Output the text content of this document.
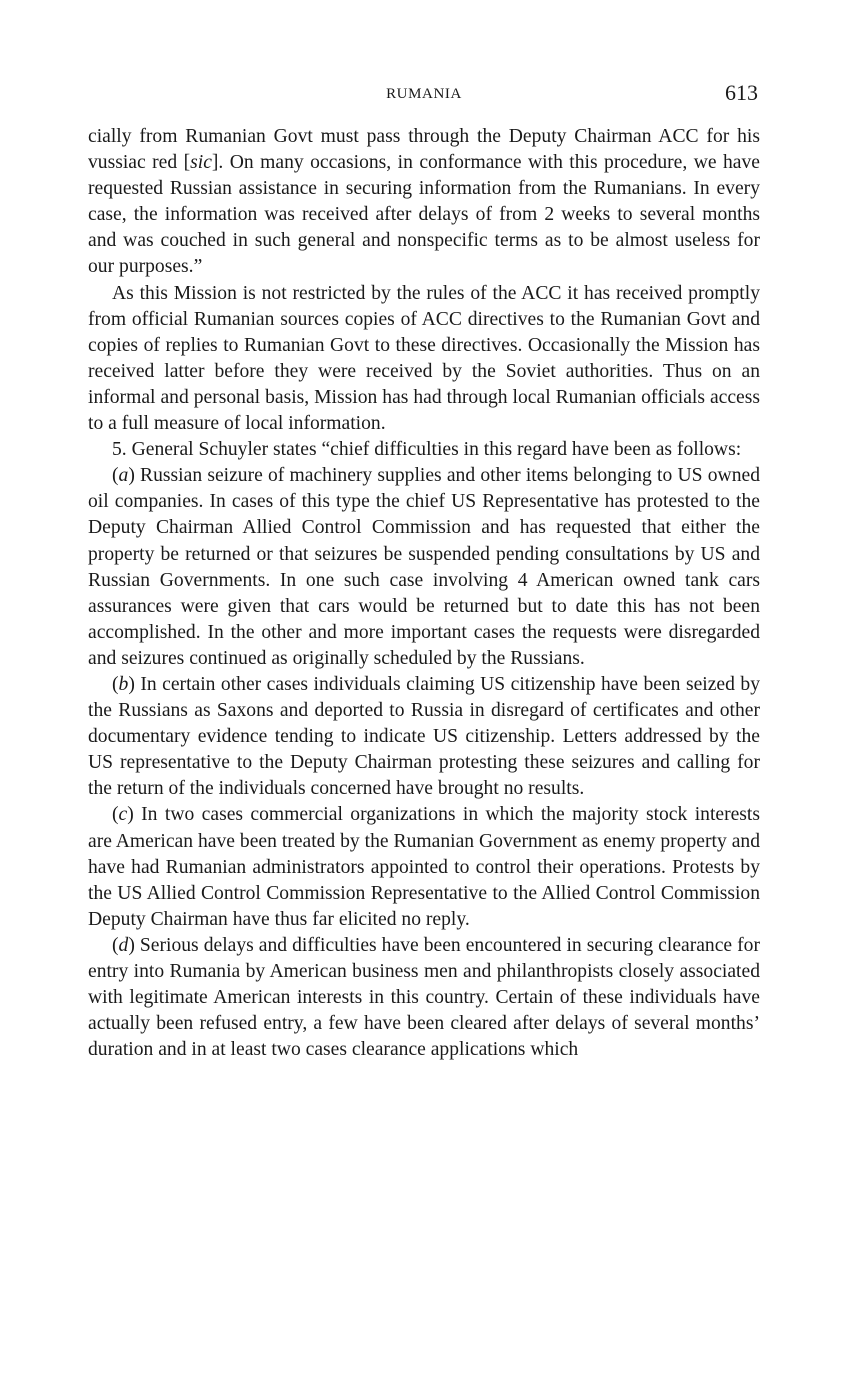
RUMANIA	613

cially from Rumanian Govt must pass through the Deputy Chairman ACC for his vussiac red [sic]. On many occasions, in conformance with this procedure, we have requested Russian assistance in securing information from the Rumanians. In every case, the information was received after delays of from 2 weeks to several months and was couched in such general and nonspecific terms as to be almost useless for our purposes.”

As this Mission is not restricted by the rules of the ACC it has received promptly from official Rumanian sources copies of ACC directives to the Rumanian Govt and copies of replies to Rumanian Govt to these directives. Occasionally the Mission has received latter before they were received by the Soviet authorities. Thus on an informal and personal basis, Mission has had through local Rumanian officials access to a full measure of local information.

5. General Schuyler states “chief difficulties in this regard have been as follows:

(a) Russian seizure of machinery supplies and other items belonging to US owned oil companies. In cases of this type the chief US Representative has protested to the Deputy Chairman Allied Control Commission and has requested that either the property be returned or that seizures be suspended pending consultations by US and Russian Governments. In one such case involving 4 American owned tank cars assurances were given that cars would be returned but to date this has not been accomplished. In the other and more important cases the requests were disregarded and seizures continued as originally scheduled by the Russians.

(b) In certain other cases individuals claiming US citizenship have been seized by the Russians as Saxons and deported to Russia in disregard of certificates and other documentary evidence tending to indicate US citizenship. Letters addressed by the US representative to the Deputy Chairman protesting these seizures and calling for the return of the individuals concerned have brought no results.

(c) In two cases commercial organizations in which the majority stock interests are American have been treated by the Rumanian Government as enemy property and have had Rumanian administrators appointed to control their operations. Protests by the US Allied Control Commission Representative to the Allied Control Commission Deputy Chairman have thus far elicited no reply.

(d) Serious delays and difficulties have been encountered in securing clearance for entry into Rumania by American business men and philanthropists closely associated with legitimate American interests in this country. Certain of these individuals have actually been refused entry, a few have been cleared after delays of several months’ duration and in at least two cases clearance applications which
